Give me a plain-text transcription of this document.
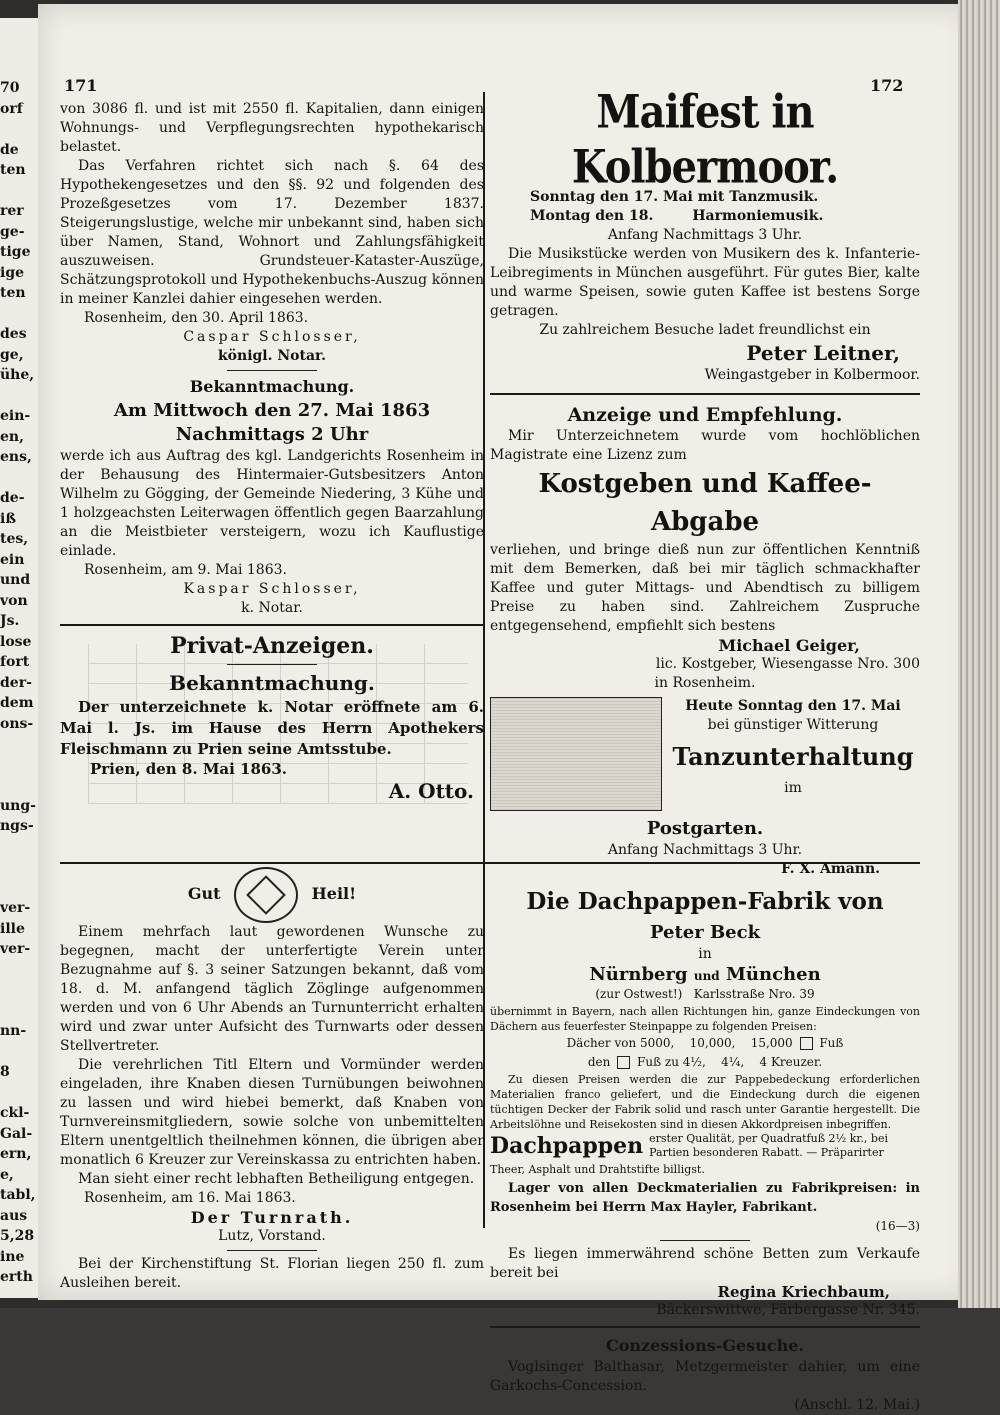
70
orf
de
ten
rer
ge-
tige
ige
ten
des
ge,
ühe,
ein-
en,
ens,
de-
iß
tes,
ein
und
von
Js.
lose
fort
der-
dem
ons-
ung-
ngs-
ver-
ille
ver-
nn-
8
ckl-
Gal-
ern,
e,
tabl,
aus
5,28
ine
erth
171	172

von 3086 fl. und ist mit 2550 fl. Kapitalien, dann einigen Wohnungs- und Verpflegungsrechten hypothekarisch belastet.

Das Verfahren richtet sich nach §. 64 des Hypothekengesetzes und den §§. 92 und folgenden des Prozeßgesetzes vom 17. Dezember 1837. Steigerungslustige, welche mir unbekannt sind, haben sich über Namen, Stand, Wohnort und Zahlungsfähigkeit auszuweisen. Grundsteuer-Kataster-Auszüge, Schätzungsprotokoll und Hypothekenbuchs-Auszug können in meiner Kanzlei dahier eingesehen werden.

Rosenheim, den 30. April 1863.

Caspar Schlosser,

königl. Notar.

Bekanntmachung.
Am Mittwoch den 27. Mai 1863
Nachmittags 2 Uhr

werde ich aus Auftrag des kgl. Landgerichts Rosenheim in der Behausung des Hintermaier-Gutsbesitzers Anton Wilhelm zu Gögging, der Gemeinde Niedering, 3 Kühe und 1 holzgeachsten Leiterwagen öffentlich gegen Baarzahlung an die Meistbieter versteigern, wozu ich Kauflustige einlade.

Rosenheim, am 9. Mai 1863.

Kaspar Schlosser,

k. Notar.

Privat-Anzeigen.
Bekanntmachung.

Der unterzeichnete k. Notar eröffnete am 6. Mai l. Js. im Hause des Herrn Apothekers Fleischmann zu Prien seine Amtsstube.

Prien, den 8. Mai 1863.

A. Otto.

Gut	Heil!

Einem mehrfach laut gewordenen Wunsche zu begegnen, macht der unterfertigte Verein unter Bezugnahme auf §. 3 seiner Satzungen bekannt, daß vom 18. d. M. anfangend täglich Zöglinge aufgenommen werden und von 6 Uhr Abends an Turnunterricht erhalten wird und zwar unter Aufsicht des Turnwarts oder dessen Stellvertreter.

Die verehrlichen Titl Eltern und Vormünder werden eingeladen, ihre Knaben diesen Turnübungen beiwohnen zu lassen und wird hiebei bemerkt, daß Knaben von Turnvereinsmitgliedern, sowie solche von unbemittelten Eltern unentgeltlich theilnehmen können, die übrigen aber monatlich 6 Kreuzer zur Vereinskassa zu entrichten haben.

Man sieht einer recht lebhaften Betheiligung entgegen.

Rosenheim, am 16. Mai 1863.

Der Turnrath.

Lutz, Vorstand.

Bei der Kirchenstiftung St. Florian liegen 250 fl. zum Ausleihen bereit.

Maifest in Kolbermoor.

Sonntag den 17. Mai mit Tanzmusik.

Montag den 18.	Harmoniemusik.

Anfang Nachmittags 3 Uhr.

Die Musikstücke werden von Musikern des k. Infanterie-Leibregiments in München ausgeführt. Für gutes Bier, kalte und warme Speisen, sowie guten Kaffee ist bestens Sorge getragen.

Zu zahlreichem Besuche ladet freundlichst ein

Peter Leitner,

Weingastgeber in Kolbermoor.

Anzeige und Empfehlung.

Mir Unterzeichnetem wurde vom hochlöblichen Magistrate eine Lizenz zum

Kostgeben und Kaffee-Abgabe

verliehen, und bringe dieß nun zur öffentlichen Kenntniß mit dem Bemerken, daß bei mir täglich schmackhafter Kaffee und guter Mittags- und Abendtisch zu billigem Preise zu haben sind. Zahlreichem Zuspruche entgegensehend, empfiehlt sich bestens

Michael Geiger,

lic. Kostgeber, Wiesengasse Nro. 300

in Rosenheim.

Heute Sonntag den 17. Mai

bei günstiger Witterung

Tanzunterhaltung

im

Postgarten.

Anfang Nachmittags 3 Uhr.

F. X. Amann.

Die Dachpappen-Fabrik von
Peter Beck

in

Nürnberg und München

(zur Ostwest!) Karlsstraße Nro. 39

übernimmt in Bayern, nach allen Richtungen hin, ganze Eindeckungen von Dächern aus feuerfester Steinpappe zu folgenden Preisen:

Dächer von 5000, 10,000, 15,000 Fuß

den Fuß zu 4½, 4¼, 4 Kreuzer.

Zu diesen Preisen werden die zur Pappebedeckung erforderlichen Materialien franco geliefert, und die Eindeckung durch die eigenen tüchtigen Decker der Fabrik solid und rasch unter Garantie hergestellt. Die Arbeitslöhne und Reisekosten sind in diesen Akkordpreisen inbegriffen.

Dachpappen erster Qualität, per Quadratfuß 2½ kr., bei
Partien besonderen Rabatt. — Präparirter

Theer, Asphalt und Drahtstifte billigst.

Lager von allen Deckmaterialien zu Fabrikpreisen: in Rosenheim bei Herrn Max Hayler, Fabrikant.

(16—3)

Es liegen immerwährend schöne Betten zum Verkaufe bereit bei

Regina Kriechbaum,

Bäckerswittwe, Färbergasse Nr. 345.

Conzessions-Gesuche.

Voglsinger Balthasar, Metzgermeister dahier, um eine Garkochs-Concession.

(Anschl. 12. Mai.)
